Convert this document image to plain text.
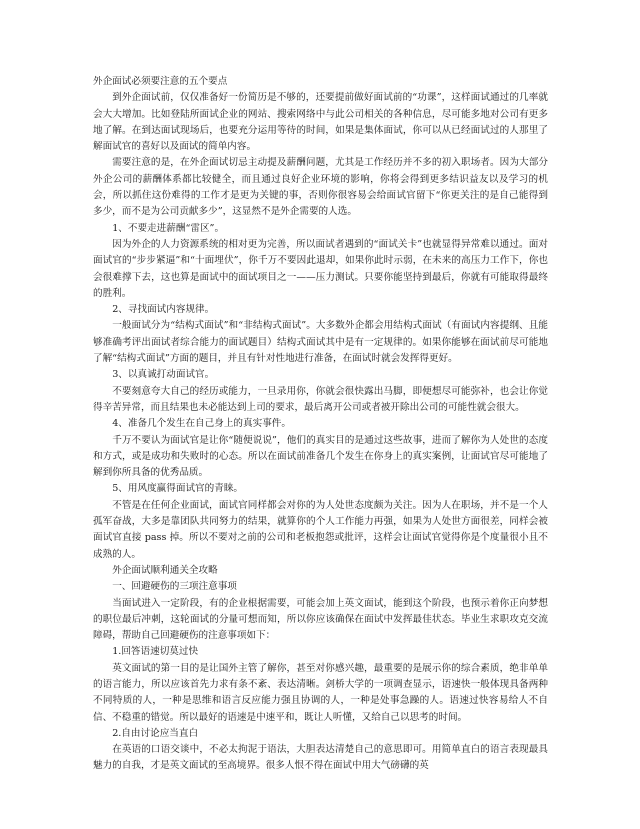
外企面试必须要注意的五个要点

到外企面试前，仅仅准备好一份简历是不够的，还要提前做好面试前的“功课”，这样面试通过的几率就会大大增加。比如登陆所面试企业的网站、搜索网络中与此公司相关的各种信息，尽可能多地对公司有更多地了解。在到达面试现场后，也要充分运用等待的时间，如果是集体面试，你可以从已经面试过的人那里了解面试官的喜好以及面试的简单内容。

需要注意的是，在外企面试切忌主动提及薪酬问题，尤其是工作经历并不多的初入职场者。因为大部分外企公司的薪酬体系都比较健全，而且通过良好企业环境的影响，你将会得到更多结识益友以及学习的机会，所以抓住这份难得的工作才是更为关键的事，否则你很容易会给面试官留下“你更关注的是自己能得到多少，而不是为公司贡献多少”，这显然不是外企需要的人选。

1、不要走进薪酬“雷区”。

因为外企的人力资源系统的相对更为完善，所以面试者遇到的“面试关卡”也就显得异常难以通过。面对面试官的“步步紧逼”和“十面埋伏”，你千万不要因此退却，如果你此时示弱，在未来的高压力工作下，你也会很难撑下去，这也算是面试中的面试项目之一——压力测试。只要你能坚持到最后，你就有可能取得最终的胜利。

2、寻找面试内容规律。

一般面试分为“结构式面试”和“非结构式面试”。大多数外企都会用结构式面试（有面试内容提纲、且能够准确考评出面试者综合能力的面试题目）结构式面试其中是有一定规律的。如果你能够在面试前尽可能地了解“结构式面试”方面的题目，并且有针对性地进行准备，在面试时就会发挥得更好。

3、以真诚打动面试官。

不要刻意夸大自己的经历或能力，一旦录用你，你就会很快露出马脚，即便想尽可能弥补，也会让你觉得辛苦异常，而且结果也未必能达到上司的要求，最后离开公司或者被开除出公司的可能性就会很大。

4、准备几个发生在自己身上的真实事件。

千万不要认为面试官是让你“随便说说”，他们的真实目的是通过这些故事，进而了解你为人处世的态度和方式，或是成功和失败时的心态。所以在面试前准备几个发生在你身上的真实案例，让面试官尽可能地了解到你所具备的优秀品质。

5、用风度赢得面试官的青睐。

不管是在任何企业面试，面试官同样都会对你的为人处世态度颇为关注。因为人在职场，并不是一个人孤军奋战，大多是靠团队共同努力的结果，就算你的个人工作能力再强，如果为人处世方面很差，同样会被面试官直接 pass 掉。所以不要对之前的公司和老板抱怨或批评，这样会让面试官觉得你是个度量很小且不成熟的人。

外企面试顺利通关全攻略

一、回避硬伤的三项注意事项

当面试进入一定阶段，有的企业根据需要，可能会加上英文面试，能到这个阶段，也预示着你正向梦想的职位最后冲刺，这轮面试的分量可想而知，所以你应该确保在面试中发挥最佳状态。毕业生求职攻克交流障碍，帮助自己回避硬伤的注意事项如下：

1.回答语速切莫过快

英文面试的第一目的是让国外主管了解你，甚至对你感兴趣，最重要的是展示你的综合素质，绝非单单的语言能力，所以应该首先力求有条不紊、表达清晰。剑桥大学的一项调查显示，语速快一般体现具备两种不同特质的人，一种是思维和语言反应能力强且协调的人，一种是处事急躁的人。语速过快容易给人不自信、不稳重的错觉。所以最好的语速是中速平和，既让人听懂，又给自己以思考的时间。

2.自由讨论应当直白

在英语的口语交谈中，不必太拘泥于语法，大胆表达清楚自己的意思即可。用简单直白的语言表现最具魅力的自我，才是英文面试的至高境界。很多人恨不得在面试中用大气磅礴的英
